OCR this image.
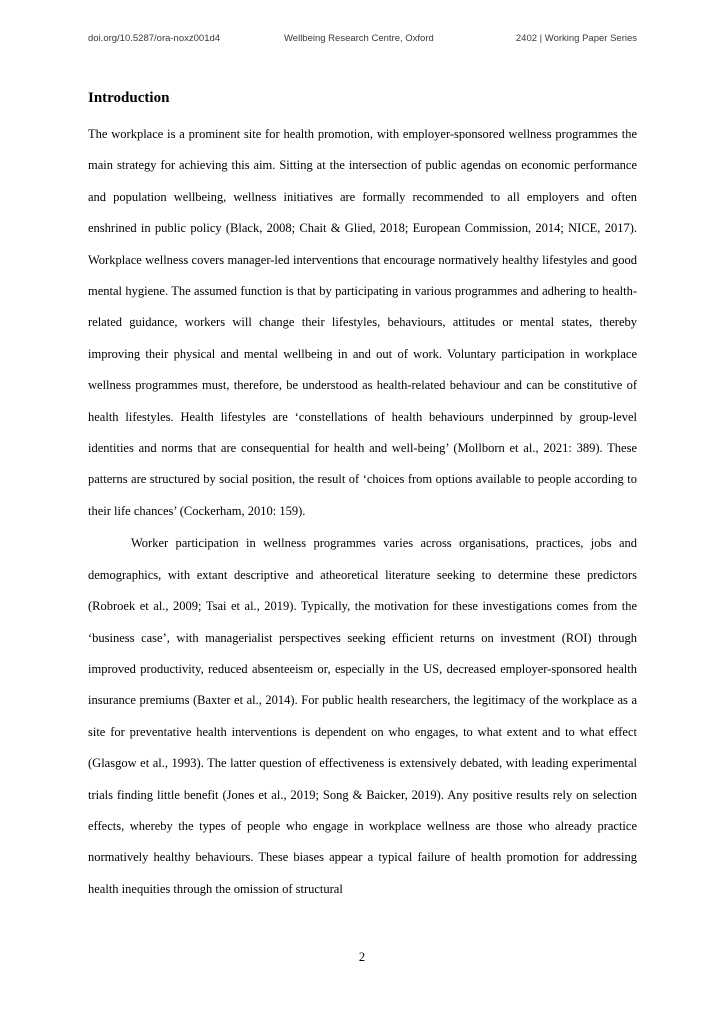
doi.org/10.5287/ora-noxz001d4	Wellbeing Research Centre, Oxford	2402 | Working Paper Series
Introduction

The workplace is a prominent site for health promotion, with employer-sponsored wellness programmes the main strategy for achieving this aim. Sitting at the intersection of public agendas on economic performance and population wellbeing, wellness initiatives are formally recommended to all employers and often enshrined in public policy (Black, 2008; Chait & Glied, 2018; European Commission, 2014; NICE, 2017). Workplace wellness covers manager-led interventions that encourage normatively healthy lifestyles and good mental hygiene. The assumed function is that by participating in various programmes and adhering to health-related guidance, workers will change their lifestyles, behaviours, attitudes or mental states, thereby improving their physical and mental wellbeing in and out of work. Voluntary participation in workplace wellness programmes must, therefore, be understood as health-related behaviour and can be constitutive of health lifestyles. Health lifestyles are ‘constellations of health behaviours underpinned by group-level identities and norms that are consequential for health and well-being’ (Mollborn et al., 2021: 389). These patterns are structured by social position, the result of ‘choices from options available to people according to their life chances’ (Cockerham, 2010: 159).

Worker participation in wellness programmes varies across organisations, practices, jobs and demographics, with extant descriptive and atheoretical literature seeking to determine these predictors (Robroek et al., 2009; Tsai et al., 2019). Typically, the motivation for these investigations comes from the ‘business case’, with managerialist perspectives seeking efficient returns on investment (ROI) through improved productivity, reduced absenteeism or, especially in the US, decreased employer-sponsored health insurance premiums (Baxter et al., 2014). For public health researchers, the legitimacy of the workplace as a site for preventative health interventions is dependent on who engages, to what extent and to what effect (Glasgow et al., 1993). The latter question of effectiveness is extensively debated, with leading experimental trials finding little benefit (Jones et al., 2019; Song & Baicker, 2019). Any positive results rely on selection effects, whereby the types of people who engage in workplace wellness are those who already practice normatively healthy behaviours. These biases appear a typical failure of health promotion for addressing health inequities through the omission of structural

2
